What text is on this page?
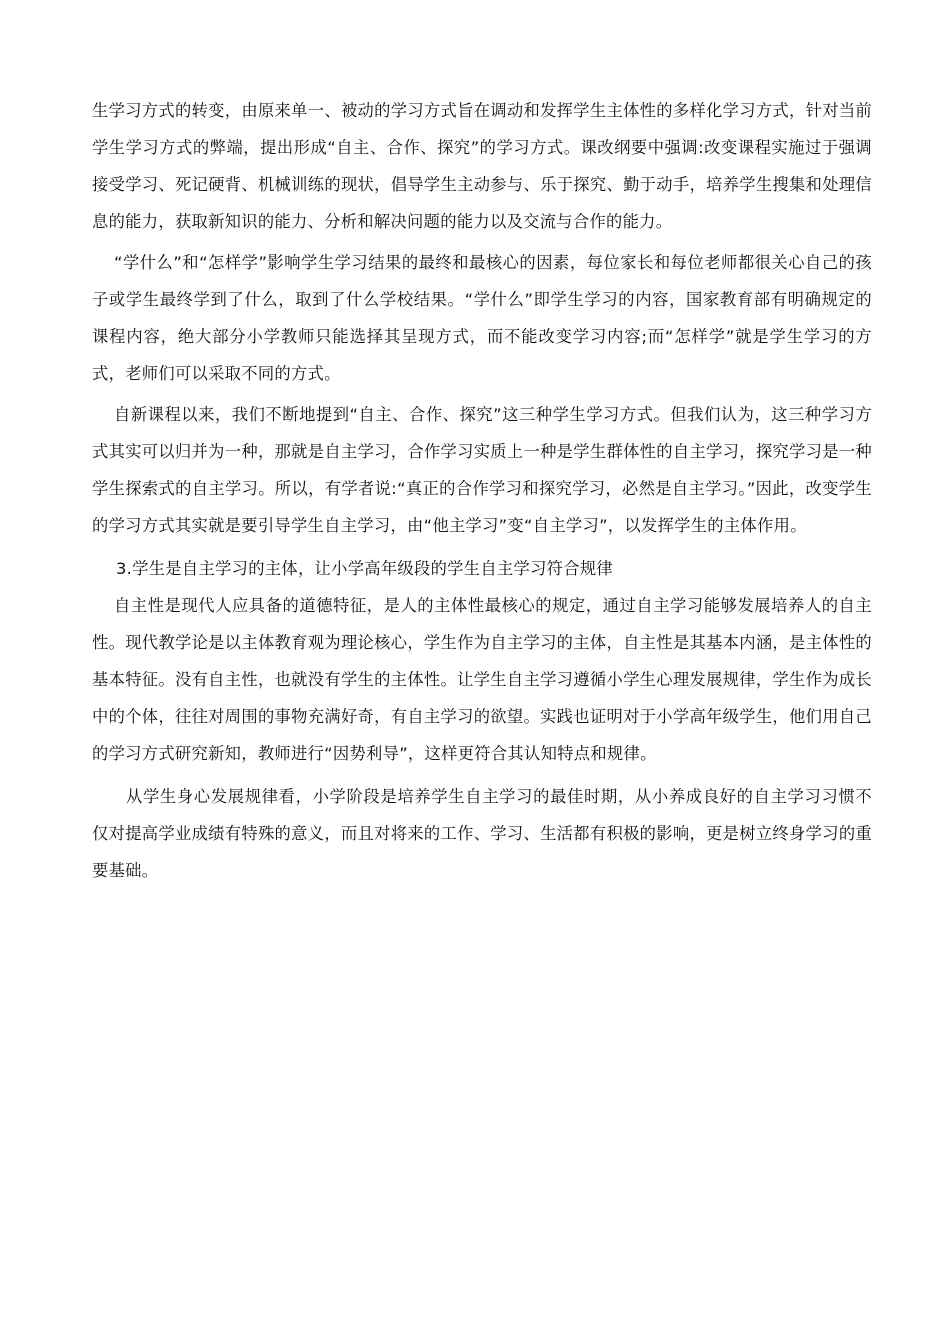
生学习方式的转变，由原来单一、被动的学习方式旨在调动和发挥学生主体性的多样化学习方式，针对当前学生学习方式的弊端，提出形成“自主、合作、探究”的学习方式。课改纲要中强调:改变课程实施过于强调接受学习、死记硬背、机械训练的现状，倡导学生主动参与、乐于探究、勤于动手，培养学生搜集和处理信息的能力，获取新知识的能力、分析和解决问题的能力以及交流与合作的能力。

“学什么”和“怎样学”影响学生学习结果的最终和最核心的因素，每位家长和每位老师都很关心自己的孩子或学生最终学到了什么，取到了什么学校结果。“学什么”即学生学习的内容，国家教育部有明确规定的课程内容，绝大部分小学教师只能选择其呈现方式，而不能改变学习内容;而“怎样学”就是学生学习的方式，老师们可以采取不同的方式。

自新课程以来，我们不断地提到“自主、合作、探究”这三种学生学习方式。但我们认为，这三种学习方式其实可以归并为一种，那就是自主学习，合作学习实质上一种是学生群体性的自主学习，探究学习是一种学生探索式的自主学习。所以，有学者说:“真正的合作学习和探究学习，必然是自主学习。”因此，改变学生的学习方式其实就是要引导学生自主学习，由“他主学习”变“自主学习”，以发挥学生的主体作用。

3.学生是自主学习的主体，让小学高年级段的学生自主学习符合规律

自主性是现代人应具备的道德特征，是人的主体性最核心的规定，通过自主学习能够发展培养人的自主性。现代教学论是以主体教育观为理论核心，学生作为自主学习的主体，自主性是其基本内涵，是主体性的基本特征。没有自主性，也就没有学生的主体性。让学生自主学习遵循小学生心理发展规律，学生作为成长中的个体，往往对周围的事物充满好奇，有自主学习的欲望。实践也证明对于小学高年级学生，他们用自己的学习方式研究新知，教师进行“因势利导”，这样更符合其认知特点和规律。

从学生身心发展规律看，小学阶段是培养学生自主学习的最佳时期，从小养成良好的自主学习习惯不仅对提高学业成绩有特殊的意义，而且对将来的工作、学习、生活都有积极的影响，更是树立终身学习的重要基础。
